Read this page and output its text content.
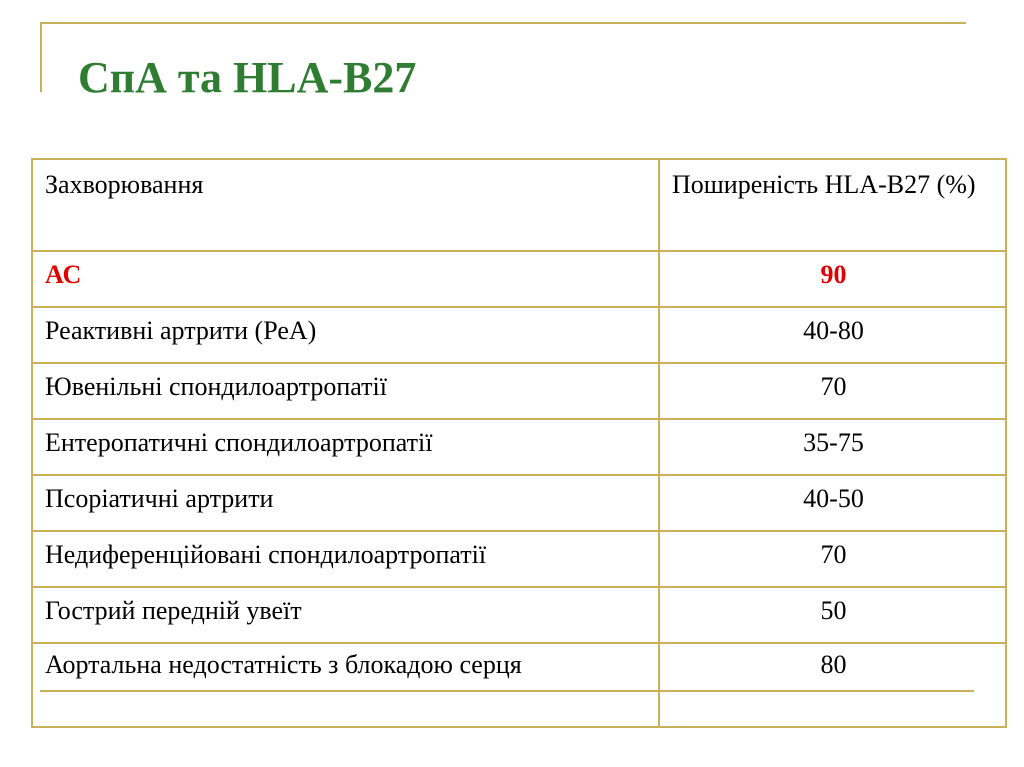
СпА та HLA-B27
Захворювання	Поширеність HLA-B27 (%)
АС	90
Реактивні артрити (РеА)	40-80
Ювенільні спондилоартропатії	70
Ентеропатичні спондилоартропатії	35-75
Псоріатичні артрити	40-50
Недиференційовані спондилоартропатії	70
Гострий передній увеїт	50
Аортальна недостатність з блокадою серця	80
